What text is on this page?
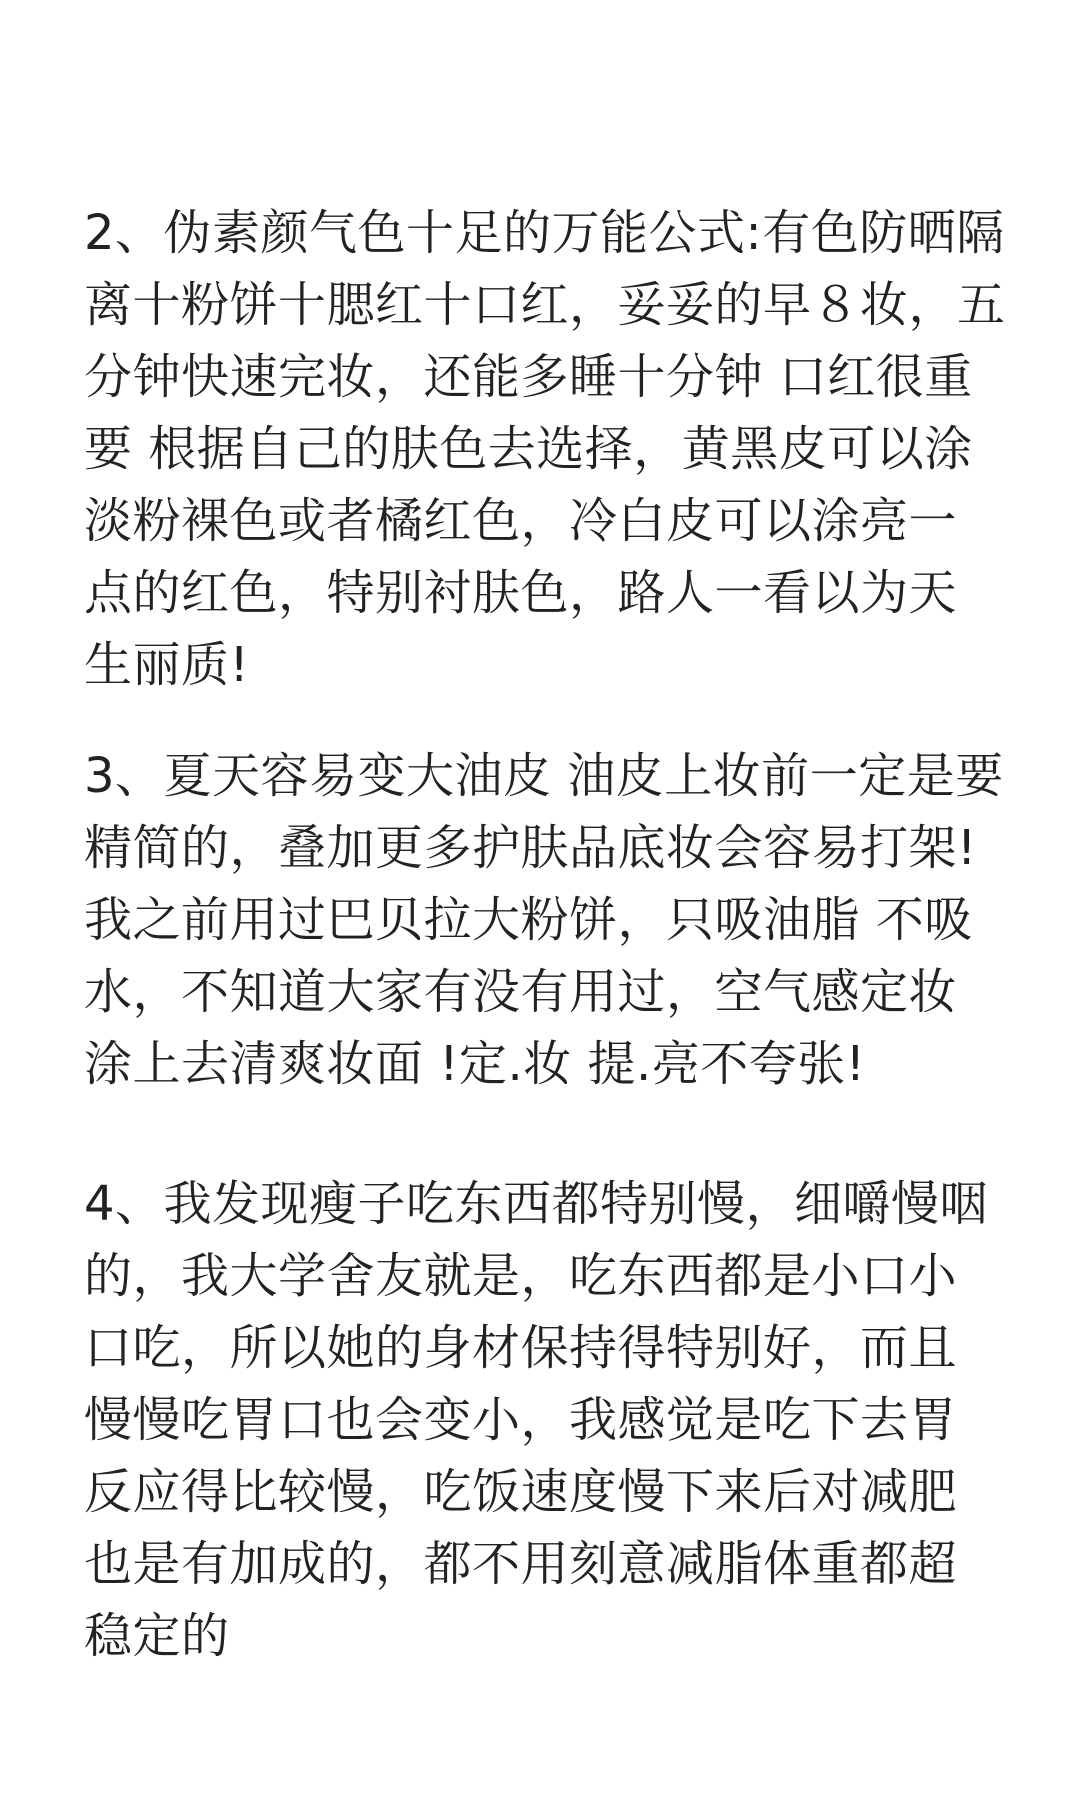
2、伪素颜气色十足的万能公式:有色防晒隔
离十粉饼十腮红十口红，妥妥的早８妆，五
分钟快速完妆，还能多睡十分钟 口红很重
要 根据自己的肤色去选择，黄黑皮可以涂
淡粉裸色或者橘红色，冷白皮可以涂亮一
点的红色，特别衬肤色，路人一看以为天
生丽质!
3、夏天容易变大油皮 油皮上妆前一定是要
精简的，叠加更多护肤品底妆会容易打架!
我之前用过巴贝拉大粉饼，只吸油脂 不吸
水，不知道大家有没有用过，空气感定妆
涂上去清爽妆面 !定.妆 提.亮不夸张!
4、我发现瘦子吃东西都特别慢，细嚼慢咽
的，我大学舍友就是，吃东西都是小口小
口吃，所以她的身材保持得特别好，而且
慢慢吃胃口也会变小，我感觉是吃下去胃
反应得比较慢，吃饭速度慢下来后对减肥
也是有加成的，都不用刻意减脂体重都超
稳定的
